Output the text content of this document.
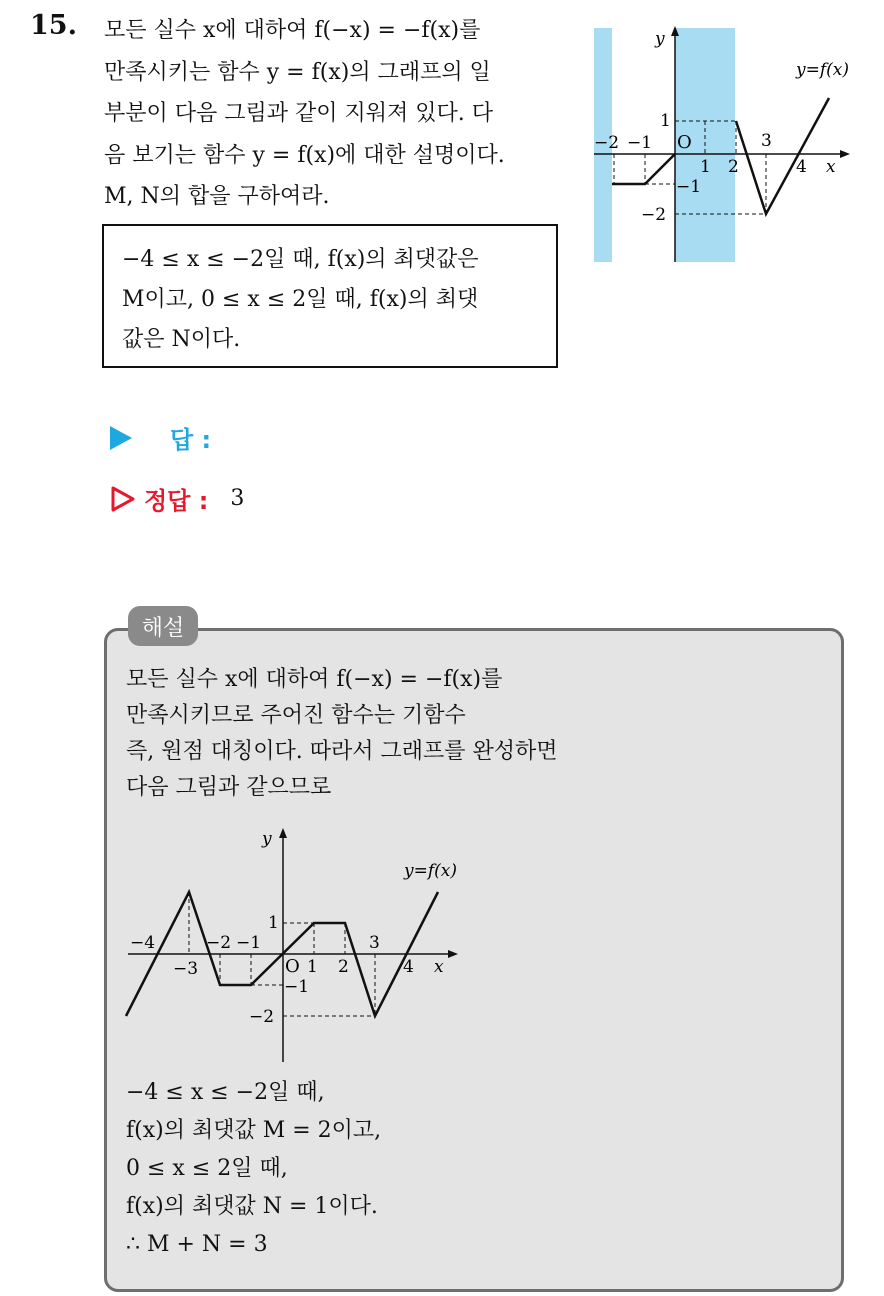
15. 모든 실수 x에 대하여 f(−x) = −f(x)를
만족시키는 함수 y = f(x)의 그래프의 일
부분이 다음 그림과 같이 지워져 있다. 다
음 보기는 함수 y = f(x)에 대한 설명이다.
M, N의 합을 구하여라.
−4 ≤ x ≤ −2일 때, f(x)의 최댓값은
M이고, 0 ≤ x ≤ 2일 때, f(x)의 최댓
값은 N이다.
y
x
y=f(x)
O
−2 −1
1 2
3
4
1
−1
−2
답 :
정답 : 3
해설
모든 실수 x에 대하여 f(−x) = −f(x)를
만족시키므로 주어진 함수는 기함수
즉, 원점 대칭이다. 따라서 그래프를 완성하면
다음 그림과 같으므로
y
x
y=f(x)
O
−4
−3
−2 −1
1 2
3
4
1
−1
−2
−4 ≤ x ≤ −2일 때,
f(x)의 최댓값 M = 2이고,
0 ≤ x ≤ 2일 때,
f(x)의 최댓값 N = 1이다.
∴ M + N = 3
